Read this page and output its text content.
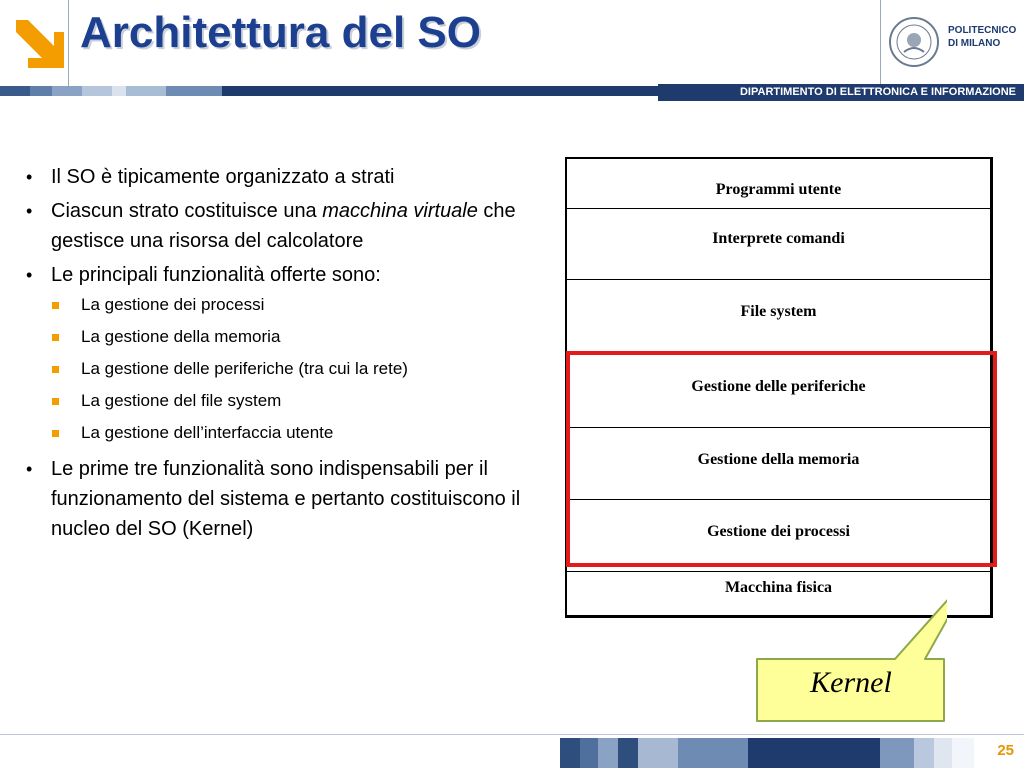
Architettura del SO	POLITECNICO
DI MILANO
DIPARTIMENTO DI ELETTRONICA E INFORMAZIONE
• Il SO è tipicamente organizzato a strati
• Ciascun strato costituisce una macchina virtuale che gestisce una risorsa del calcolatore
• Le principali funzionalità offerte sono:
La gestione dei processi
La gestione della memoria
La gestione delle periferiche (tra cui la rete)
La gestione del file system
La gestione dell’interfaccia utente
• Le prime tre funzionalità sono indispensabili per il funzionamento del sistema e pertanto costituiscono il nucleo del SO (Kernel)
Programmi utente
Interprete comandi
File system
Gestione delle periferiche
Gestione della memoria
Gestione dei processi
Macchina fisica
Kernel
25
